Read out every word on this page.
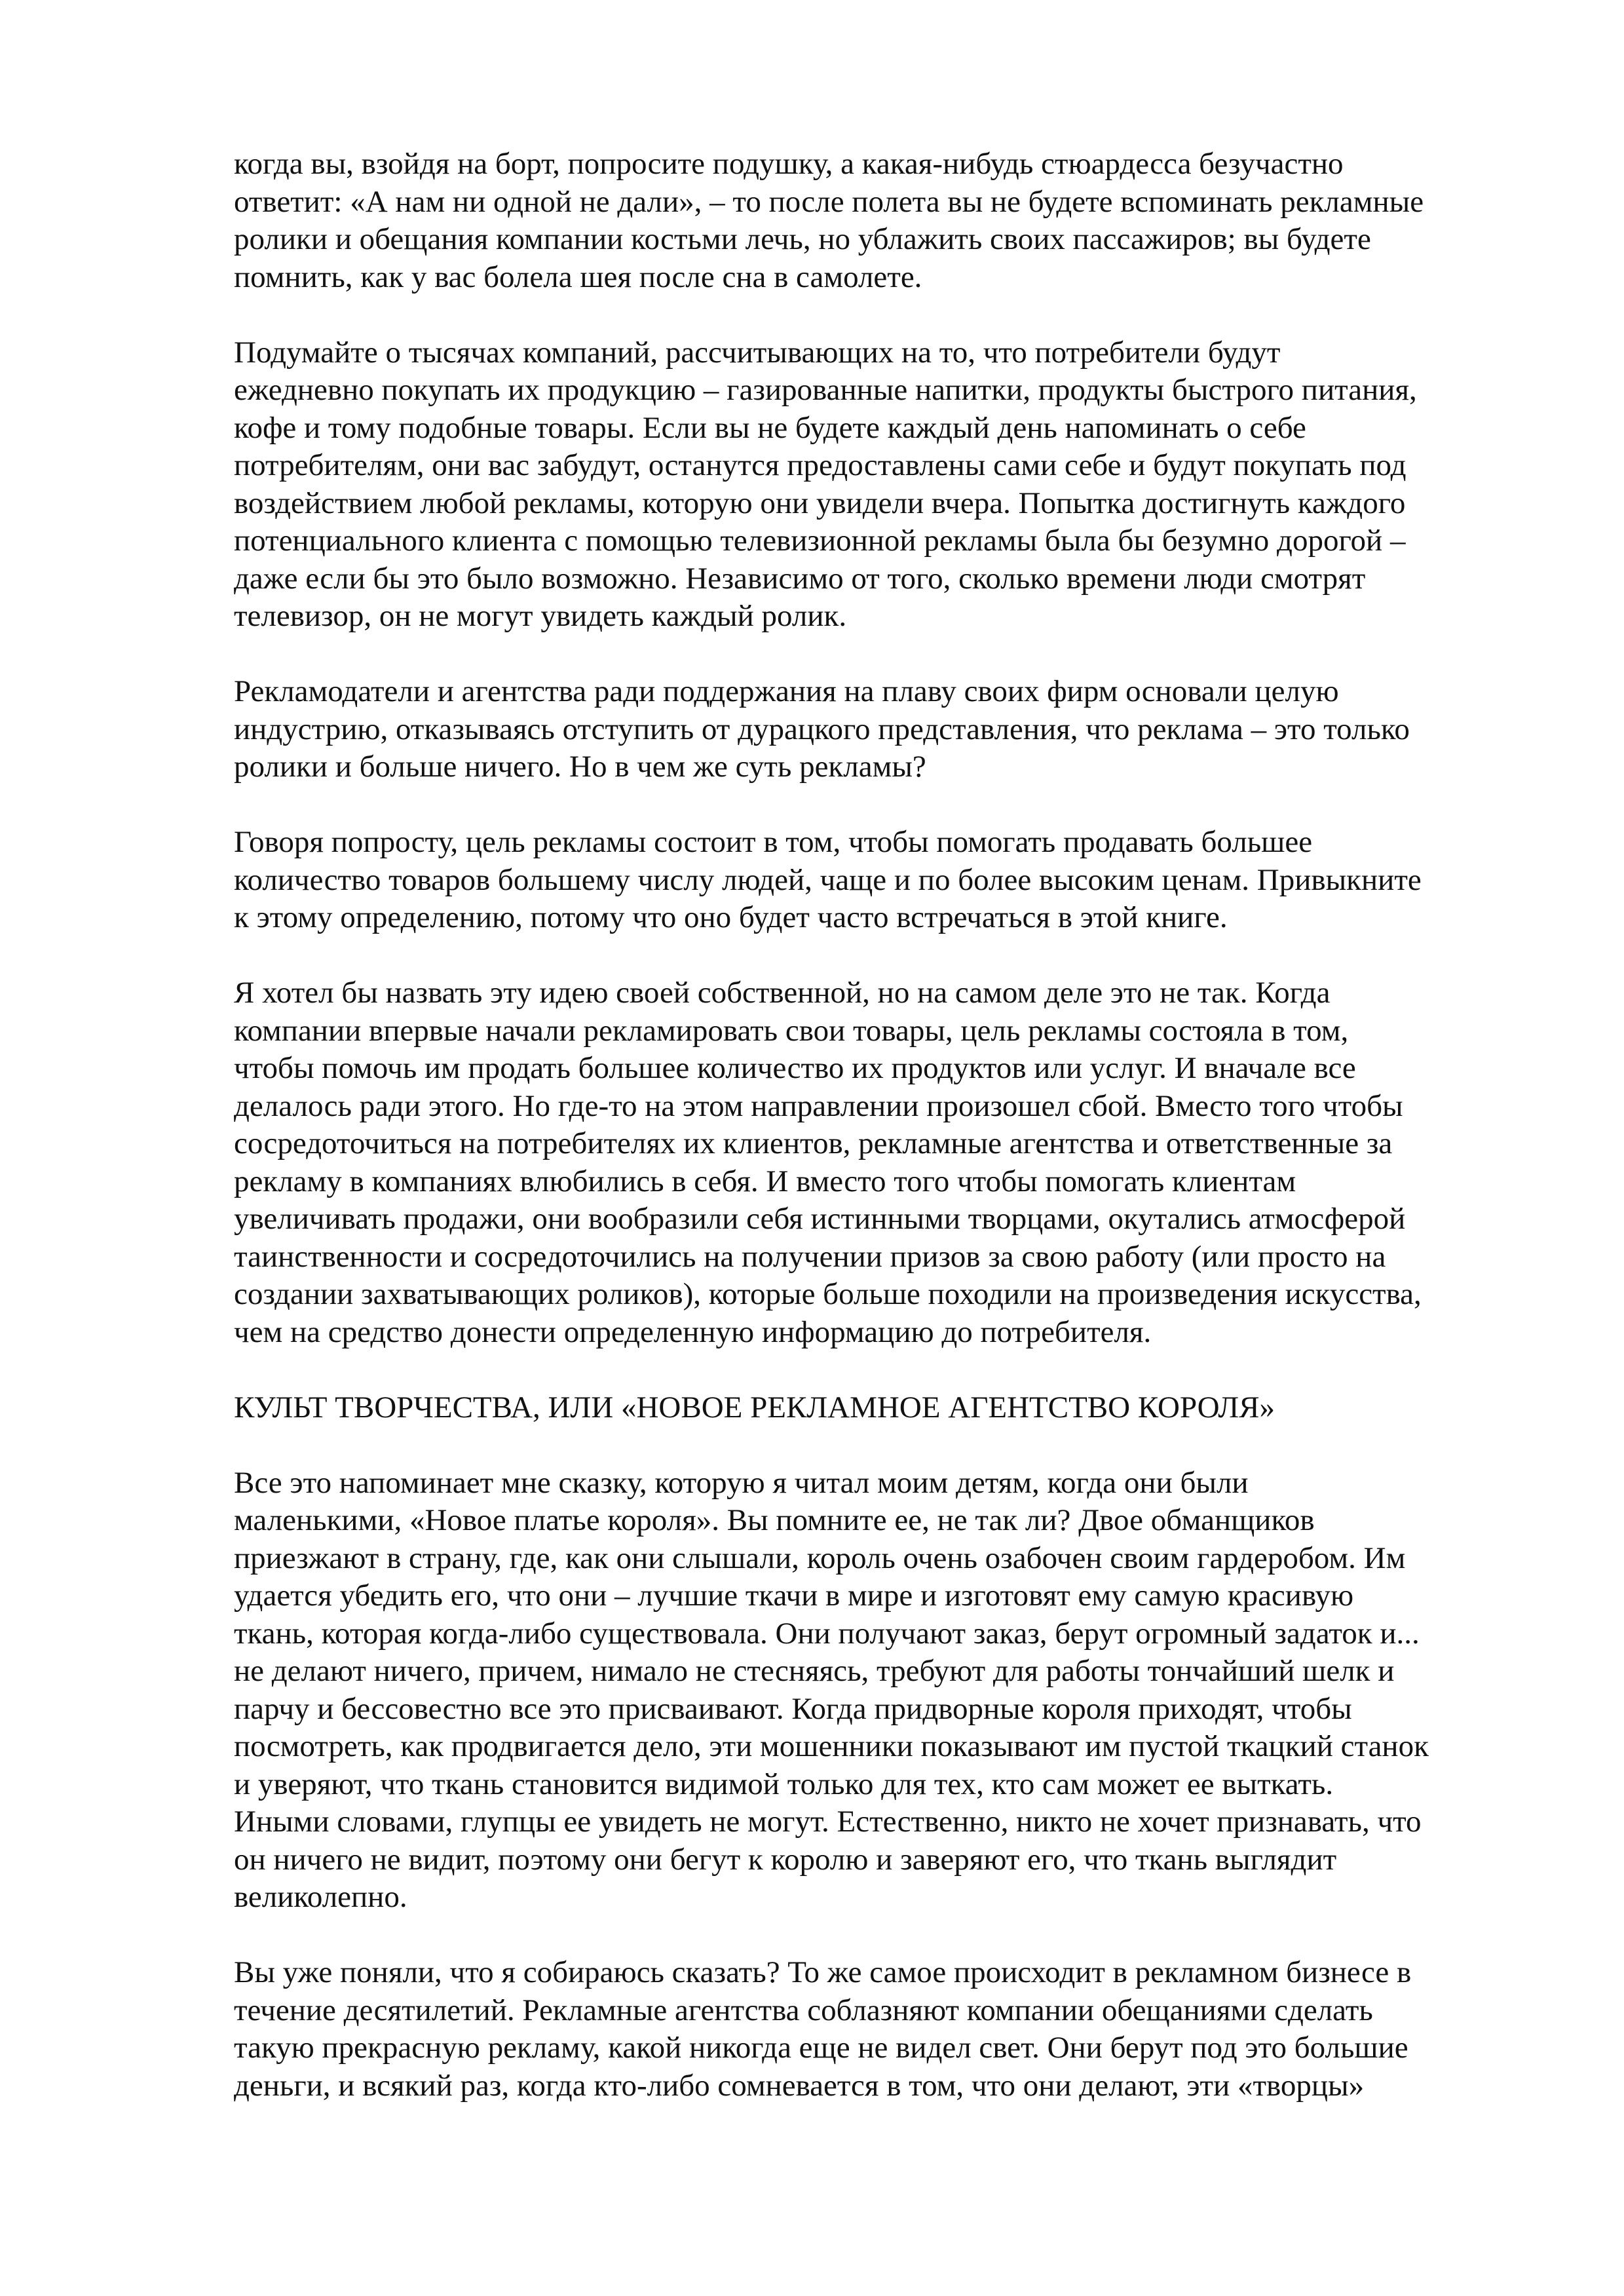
когда вы, взойдя на борт, попросите подушку, а какая-нибудь стюардесса безучастно
ответит: «А нам ни одной не дали», – то после полета вы не будете вспоминать рекламные
ролики и обещания компании костьми лечь, но ублажить своих пассажиров; вы будете
помнить, как у вас болела шея после сна в самолете.

Подумайте о тысячах компаний, рассчитывающих на то, что потребители будут
ежедневно покупать их продукцию – газированные напитки, продукты быстрого питания,
кофе и тому подобные товары. Если вы не будете каждый день напоминать о себе
потребителям, они вас забудут, останутся предоставлены сами себе и будут покупать под
воздействием любой рекламы, которую они увидели вчера. Попытка достигнуть каждого
потенциального клиента с помощью телевизионной рекламы была бы безумно дорогой –
даже если бы это было возможно. Независимо от того, сколько времени люди смотрят
телевизор, он не могут увидеть каждый ролик.

Рекламодатели и агентства ради поддержания на плаву своих фирм основали целую
индустрию, отказываясь отступить от дурацкого представления, что реклама – это только
ролики и больше ничего. Но в чем же суть рекламы?

Говоря попросту, цель рекламы состоит в том, чтобы помогать продавать большее
количество товаров большему числу людей, чаще и по более высоким ценам. Привыкните
к этому определению, потому что оно будет часто встречаться в этой книге.

Я хотел бы назвать эту идею своей собственной, но на самом деле это не так. Когда
компании впервые начали рекламировать свои товары, цель рекламы состояла в том,
чтобы помочь им продать большее количество их продуктов или услуг. И вначале все
делалось ради этого. Но где-то на этом направлении произошел сбой. Вместо того чтобы
сосредоточиться на потребителях их клиентов, рекламные агентства и ответственные за
рекламу в компаниях влюбились в себя. И вместо того чтобы помогать клиентам
увеличивать продажи, они вообразили себя истинными творцами, окутались атмосферой
таинственности и сосредоточились на получении призов за свою работу (или просто на
создании захватывающих роликов), которые больше походили на произведения искусства,
чем на средство донести определенную информацию до потребителя.

КУЛЬТ ТВОРЧЕСТВА, ИЛИ «НОВОЕ РЕКЛАМНОЕ АГЕНТСТВО КОРОЛЯ»

Все это напоминает мне сказку, которую я читал моим детям, когда они были
маленькими, «Новое платье короля». Вы помните ее, не так ли? Двое обманщиков
приезжают в страну, где, как они слышали, король очень озабочен своим гардеробом. Им
удается убедить его, что они – лучшие ткачи в мире и изготовят ему самую красивую
ткань, которая когда-либо существовала. Они получают заказ, берут огромный задаток и...
не делают ничего, причем, нимало не стесняясь, требуют для работы тончайший шелк и
парчу и бессовестно все это присваивают. Когда придворные короля приходят, чтобы
посмотреть, как продвигается дело, эти мошенники показывают им пустой ткацкий станок
и уверяют, что ткань становится видимой только для тех, кто сам может ее выткать.
Иными словами, глупцы ее увидеть не могут. Естественно, никто не хочет признавать, что
он ничего не видит, поэтому они бегут к королю и заверяют его, что ткань выглядит
великолепно.

Вы уже поняли, что я собираюсь сказать? То же самое происходит в рекламном бизнесе в
течение десятилетий. Рекламные агентства соблазняют компании обещаниями сделать
такую прекрасную рекламу, какой никогда еще не видел свет. Они берут под это большие
деньги, и всякий раз, когда кто-либо сомневается в том, что они делают, эти «творцы»
